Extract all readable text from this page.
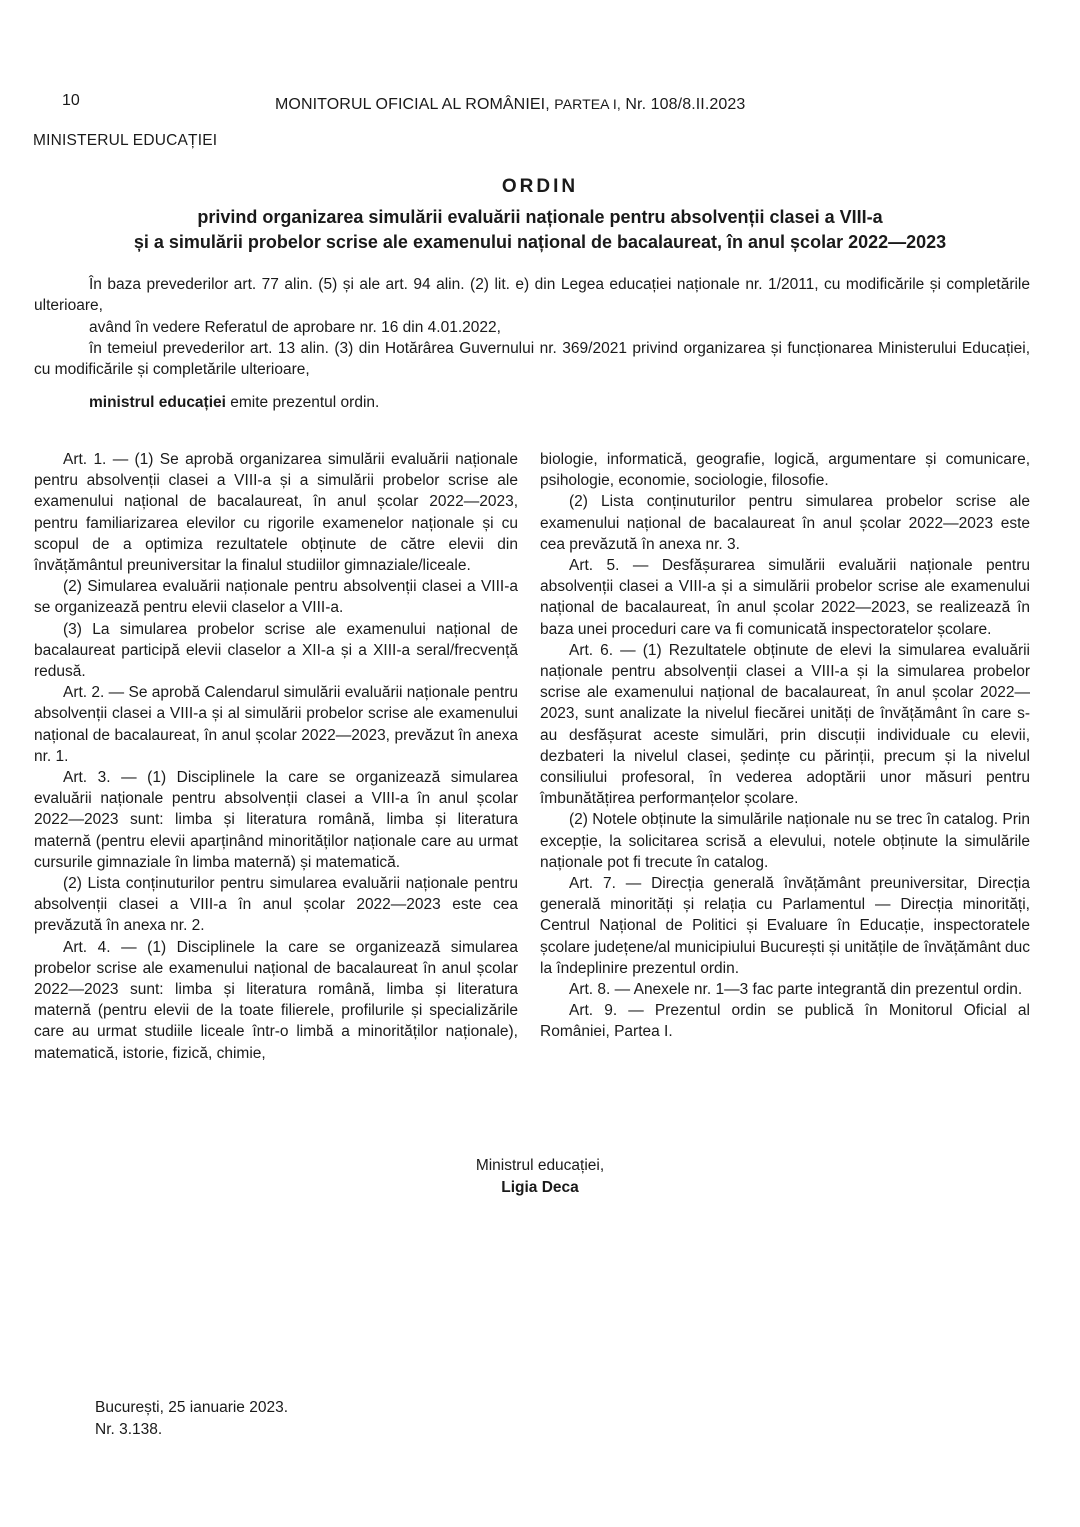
10	MONITORUL OFICIAL AL ROMÂNIEI, PARTEA I, Nr. 108/8.II.2023
MINISTERUL EDUCAȚIEI
ORDIN
privind organizarea simulării evaluării naționale pentru absolvenții clasei a VIII-a
și a simulării probelor scrise ale examenului național de bacalaureat, în anul școlar 2022—2023

În baza prevederilor art. 77 alin. (5) și ale art. 94 alin. (2) lit. e) din Legea educației naționale nr. 1/2011, cu modificările și completările ulterioare,

având în vedere Referatul de aprobare nr. 16 din 4.01.2022,

în temeiul prevederilor art. 13 alin. (3) din Hotărârea Guvernului nr. 369/2021 privind organizarea și funcționarea Ministerului Educației, cu modificările și completările ulterioare,

ministrul educației emite prezentul ordin.

Art. 1. — (1) Se aprobă organizarea simulării evaluării naționale pentru absolvenții clasei a VIII-a și a simulării probelor scrise ale examenului național de bacalaureat, în anul școlar 2022—2023, pentru familiarizarea elevilor cu rigorile examenelor naționale și cu scopul de a optimiza rezultatele obținute de către elevii din învățământul preuniversitar la finalul studiilor gimnaziale/liceale.

(2) Simularea evaluării naționale pentru absolvenții clasei a VIII-a se organizează pentru elevii claselor a VIII-a.

(3) La simularea probelor scrise ale examenului național de bacalaureat participă elevii claselor a XII-a și a XIII-a seral/frecvență redusă.

Art. 2. — Se aprobă Calendarul simulării evaluării naționale pentru absolvenții clasei a VIII-a și al simulării probelor scrise ale examenului național de bacalaureat, în anul școlar 2022—2023, prevăzut în anexa nr. 1.

Art. 3. — (1) Disciplinele la care se organizează simularea evaluării naționale pentru absolvenții clasei a VIII-a în anul școlar 2022—2023 sunt: limba și literatura română, limba și literatura maternă (pentru elevii aparținând minorităților naționale care au urmat cursurile gimnaziale în limba maternă) și matematică.

(2) Lista conținuturilor pentru simularea evaluării naționale pentru absolvenții clasei a VIII-a în anul școlar 2022—2023 este cea prevăzută în anexa nr. 2.

Art. 4. — (1) Disciplinele la care se organizează simularea probelor scrise ale examenului național de bacalaureat în anul școlar 2022—2023 sunt: limba și literatura română, limba și literatura maternă (pentru elevii de la toate filierele, profilurile și specializările care au urmat studiile liceale într-o limbă a minorităților naționale), matematică, istorie, fizică, chimie,

biologie, informatică, geografie, logică, argumentare și comunicare, psihologie, economie, sociologie, filosofie.

(2) Lista conținuturilor pentru simularea probelor scrise ale examenului național de bacalaureat în anul școlar 2022—2023 este cea prevăzută în anexa nr. 3.

Art. 5. — Desfășurarea simulării evaluării naționale pentru absolvenții clasei a VIII-a și a simulării probelor scrise ale examenului național de bacalaureat, în anul școlar 2022—2023, se realizează în baza unei proceduri care va fi comunicată inspectoratelor școlare.

Art. 6. — (1) Rezultatele obținute de elevi la simularea evaluării naționale pentru absolvenții clasei a VIII-a și la simularea probelor scrise ale examenului național de bacalaureat, în anul școlar 2022—2023, sunt analizate la nivelul fiecărei unități de învățământ în care s-au desfășurat aceste simulări, prin discuții individuale cu elevii, dezbateri la nivelul clasei, ședințe cu părinții, precum și la nivelul consiliului profesoral, în vederea adoptării unor măsuri pentru îmbunătățirea performanțelor școlare.

(2) Notele obținute la simulările naționale nu se trec în catalog. Prin excepție, la solicitarea scrisă a elevului, notele obținute la simulările naționale pot fi trecute în catalog.

Art. 7. — Direcția generală învățământ preuniversitar, Direcția generală minorități și relația cu Parlamentul — Direcția minorități, Centrul Național de Politici și Evaluare în Educație, inspectoratele școlare județene/al municipiului București și unitățile de învățământ duc la îndeplinire prezentul ordin.

Art. 8. — Anexele nr. 1—3 fac parte integrantă din prezentul ordin.

Art. 9. — Prezentul ordin se publică în Monitorul Oficial al României, Partea I.

Ministrul educației,
Ligia Deca
București, 25 ianuarie 2023.
Nr. 3.138.
